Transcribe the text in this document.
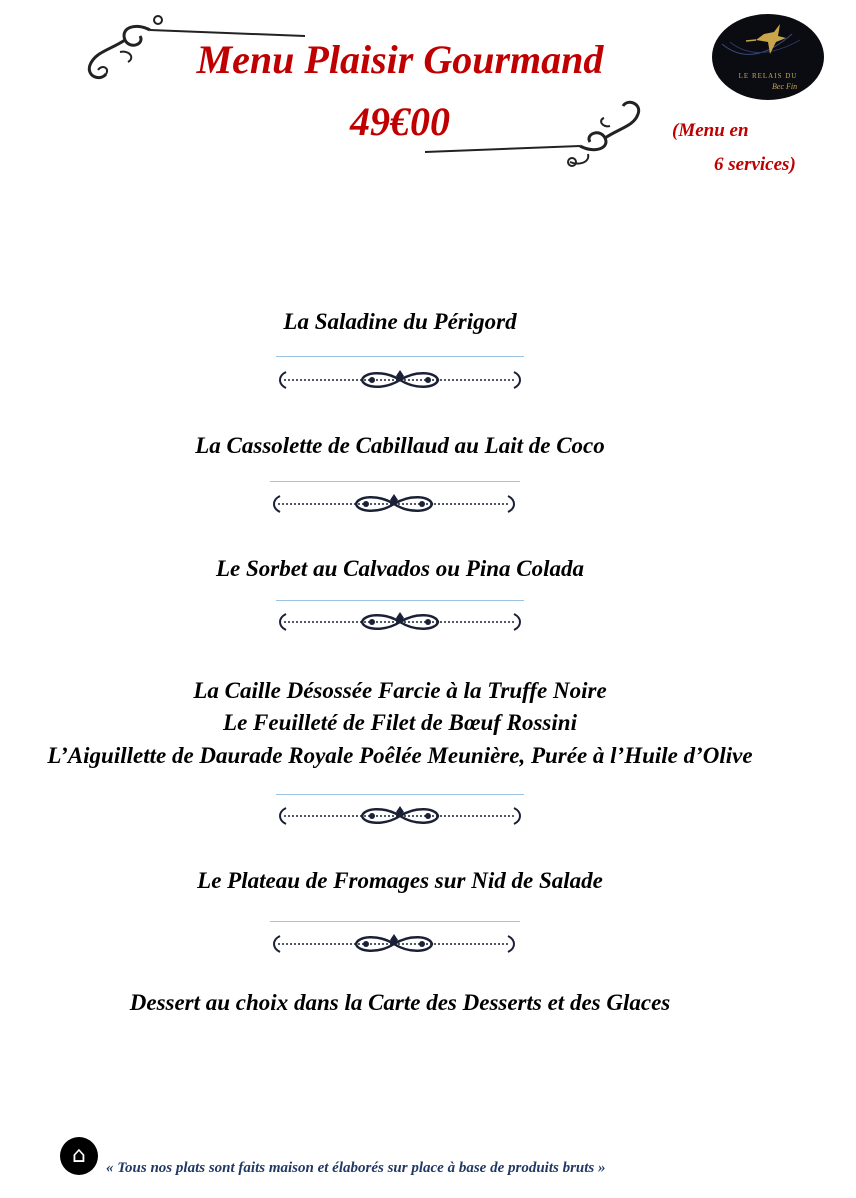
Menu Plaisir Gourmand
49€00	(Menu en
6 services)
LE RELAIS DU
Bec Fin
La Saladine du Périgord
La Cassolette de Cabillaud au Lait de Coco
Le Sorbet au Calvados ou Pina Colada
La Caille Désossée Farcie à la Truffe Noire
Le Feuilleté de Filet de Bœuf Rossini
L’Aiguillette de Daurade Royale Poêlée Meunière, Purée à l’Huile d’Olive
Le Plateau de Fromages sur Nid de Salade
Dessert au choix dans la Carte des Desserts et des Glaces
⌂	« Tous nos plats sont faits maison et élaborés sur place à base de produits bruts »
